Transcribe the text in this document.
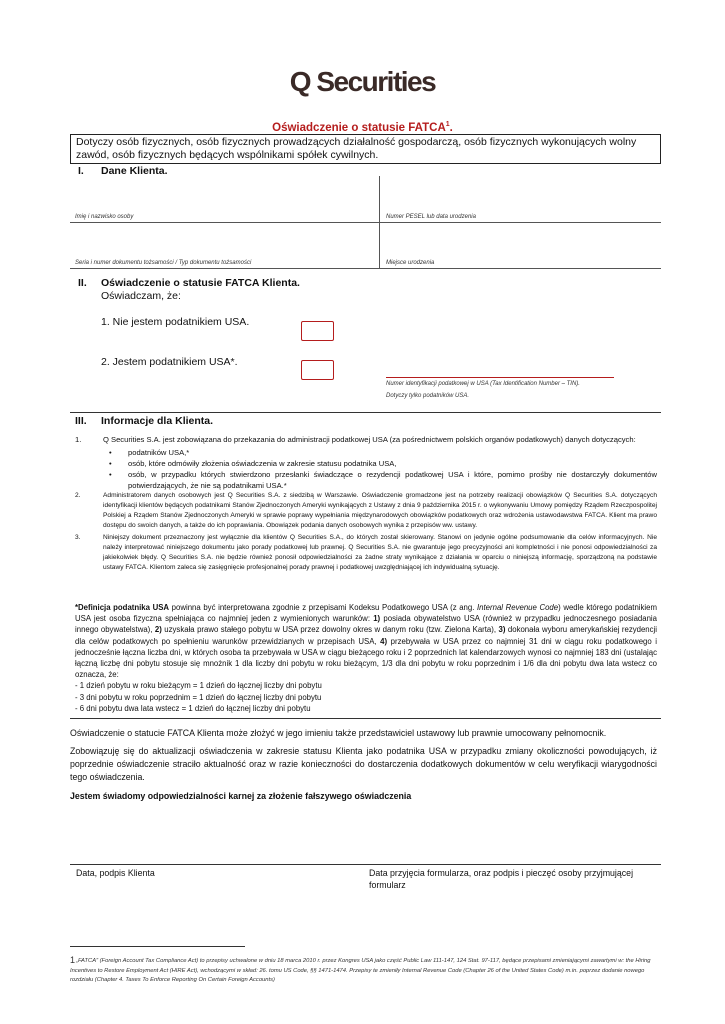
Q Securities
Oświadczenie o statusie FATCA$^1$.
Dotyczy osób fizycznych, osób fizycznych prowadzących działalność gospodarczą, osób fizycznych wykonujących wolny zawód, osób fizycznych będących wspólnikami spółek cywilnych.
I. Dane Klienta.
Imię i nazwisko osoby	Numer PESEL lub data urodzenia
Seria i numer dokumentu tożsamości / Typ dokumentu tożsamości	Miejsce urodzenia
II. Oświadczenie o statusie FATCA Klienta.
Oświadczam, że:
1. Nie jestem podatnikiem USA.
2. Jestem podatnikiem USA*.
Numer identyfikacji podatkowej w USA (Tax Identification Number – TIN).
Dotyczy tylko podatników USA.
III. Informacje dla Klienta.
1.	Q Securities S.A. jest zobowiązana do przekazania do administracji podatkowej USA (za pośrednictwem polskich organów podatkowych) danych dotyczących:
• podatników USA,*
• osób, które odmówiły złożenia oświadczenia w zakresie statusu podatnika USA,
• osób, w przypadku których stwierdzono przesłanki świadczące o rezydencji podatkowej USA i które, pomimo prośby nie dostarczyły dokumentów potwierdzających, że nie są podatnikami USA.*
2.	Administratorem danych osobowych jest Q Securities S.A. z siedzibą w Warszawie. Oświadczenie gromadzone jest na potrzeby realizacji obowiązków Q Securities S.A. dotyczących identyfikacji klientów będących podatnikami Stanów Zjednoczonych Ameryki wynikających z Ustawy z dnia 9 października 2015 r. o wykonywaniu Umowy pomiędzy Rządem Rzeczpospolitej Polskiej a Rządem Stanów Zjednoczonych Ameryki w sprawie poprawy wypełniania międzynarodowych obowiązków podatkowych oraz wdrożenia ustawodawstwa FATCA. Klient ma prawo dostępu do swoich danych, a także do ich poprawiania. Obowiązek podania danych osobowych wynika z przepisów ww. ustawy.
3.	Niniejszy dokument przeznaczony jest wyłącznie dla klientów Q Securities S.A., do których został skierowany. Stanowi on jedynie ogólne podsumowanie dla celów informacyjnych. Nie należy interpretować niniejszego dokumentu jako porady podatkowej lub prawnej. Q Securities S.A. nie gwarantuje jego precyzyjności ani kompletności i nie ponosi odpowiedzialności za jakiekolwiek błędy. Q Securities S.A. nie będzie również ponosił odpowiedzialności za żadne straty wynikające z działania w oparciu o niniejszą informację, sporządzoną na podstawie ustawy FATCA. Klientom zaleca się zasięgnięcie profesjonalnej porady prawnej i podatkowej uwzględniającej ich indywidualną sytuację.
*Definicja podatnika USA powinna być interpretowana zgodnie z przepisami Kodeksu Podatkowego USA (z ang. Internal Revenue Code) wedle którego podatnikiem USA jest osoba fizyczna spełniająca co najmniej jeden z wymienionych warunków: 1) posiada obywatelstwo USA (również w przypadku jednoczesnego posiadania innego obywatelstwa), 2) uzyskała prawo stałego pobytu w USA przez dowolny okres w danym roku (tzw. Zielona Karta), 3) dokonała wyboru amerykańskiej rezydencji dla celów podatkowych po spełnieniu warunków przewidzianych w przepisach USA, 4) przebywała w USA przez co najmniej 31 dni w ciągu roku podatkowego i jednocześnie łączna liczba dni, w których osoba ta przebywała w USA w ciągu bieżącego roku i 2 poprzednich lat kalendarzowych wynosi co najmniej 183 dni (ustalając łączną liczbę dni pobytu stosuje się mnożnik 1 dla liczby dni pobytu w roku bieżącym, 1/3 dla dni pobytu w roku poprzednim i 1/6 dla dni pobytu dwa lata wstecz co oznacza, że:
- 1 dzień pobytu w roku bieżącym = 1 dzień do łącznej liczby dni pobytu
- 3 dni pobytu w roku poprzednim = 1 dzień do łącznej liczby dni pobytu
- 6 dni pobytu dwa lata wstecz = 1 dzień do łącznej liczby dni pobytu
Oświadczenie o statucie FATCA Klienta może złożyć w jego imieniu także przedstawiciel ustawowy lub prawnie umocowany pełnomocnik.
Zobowiązuję się do aktualizacji oświadczenia w zakresie statusu Klienta jako podatnika USA w przypadku zmiany okoliczności powodujących, iż poprzednie oświadczenie straciło aktualność oraz w razie konieczności do dostarczenia dodatkowych dokumentów w celu weryfikacji wiarygodności tego oświadczenia.
Jestem świadomy odpowiedzialności karnej za złożenie fałszywego oświadczenia
Data, podpis Klienta	Data przyjęcia formularza, oraz podpis i pieczęć osoby przyjmującej formularz
1„FATCA” (Foreign Account Tax Compliance Act) to przepisy uchwalone w dniu 18 marca 2010 r. przez Kongres USA jako część Public Law 111-147, 124 Stat. 97-117, będące przepisami zmieniającymi zawartymi w: the Hiring Incentives to Restore Employment Act (HIRE Act), wchodzącymi w skład: 26. tomu US Code, §§ 1471-1474. Przepisy te zmieniły Internal Revenue Code (Chapter 26 of the United States Code) m.in. poprzez dodanie nowego rozdziału (Chapter 4. Taxes To Enforce Reporting On Certain Foreign Accounts)
